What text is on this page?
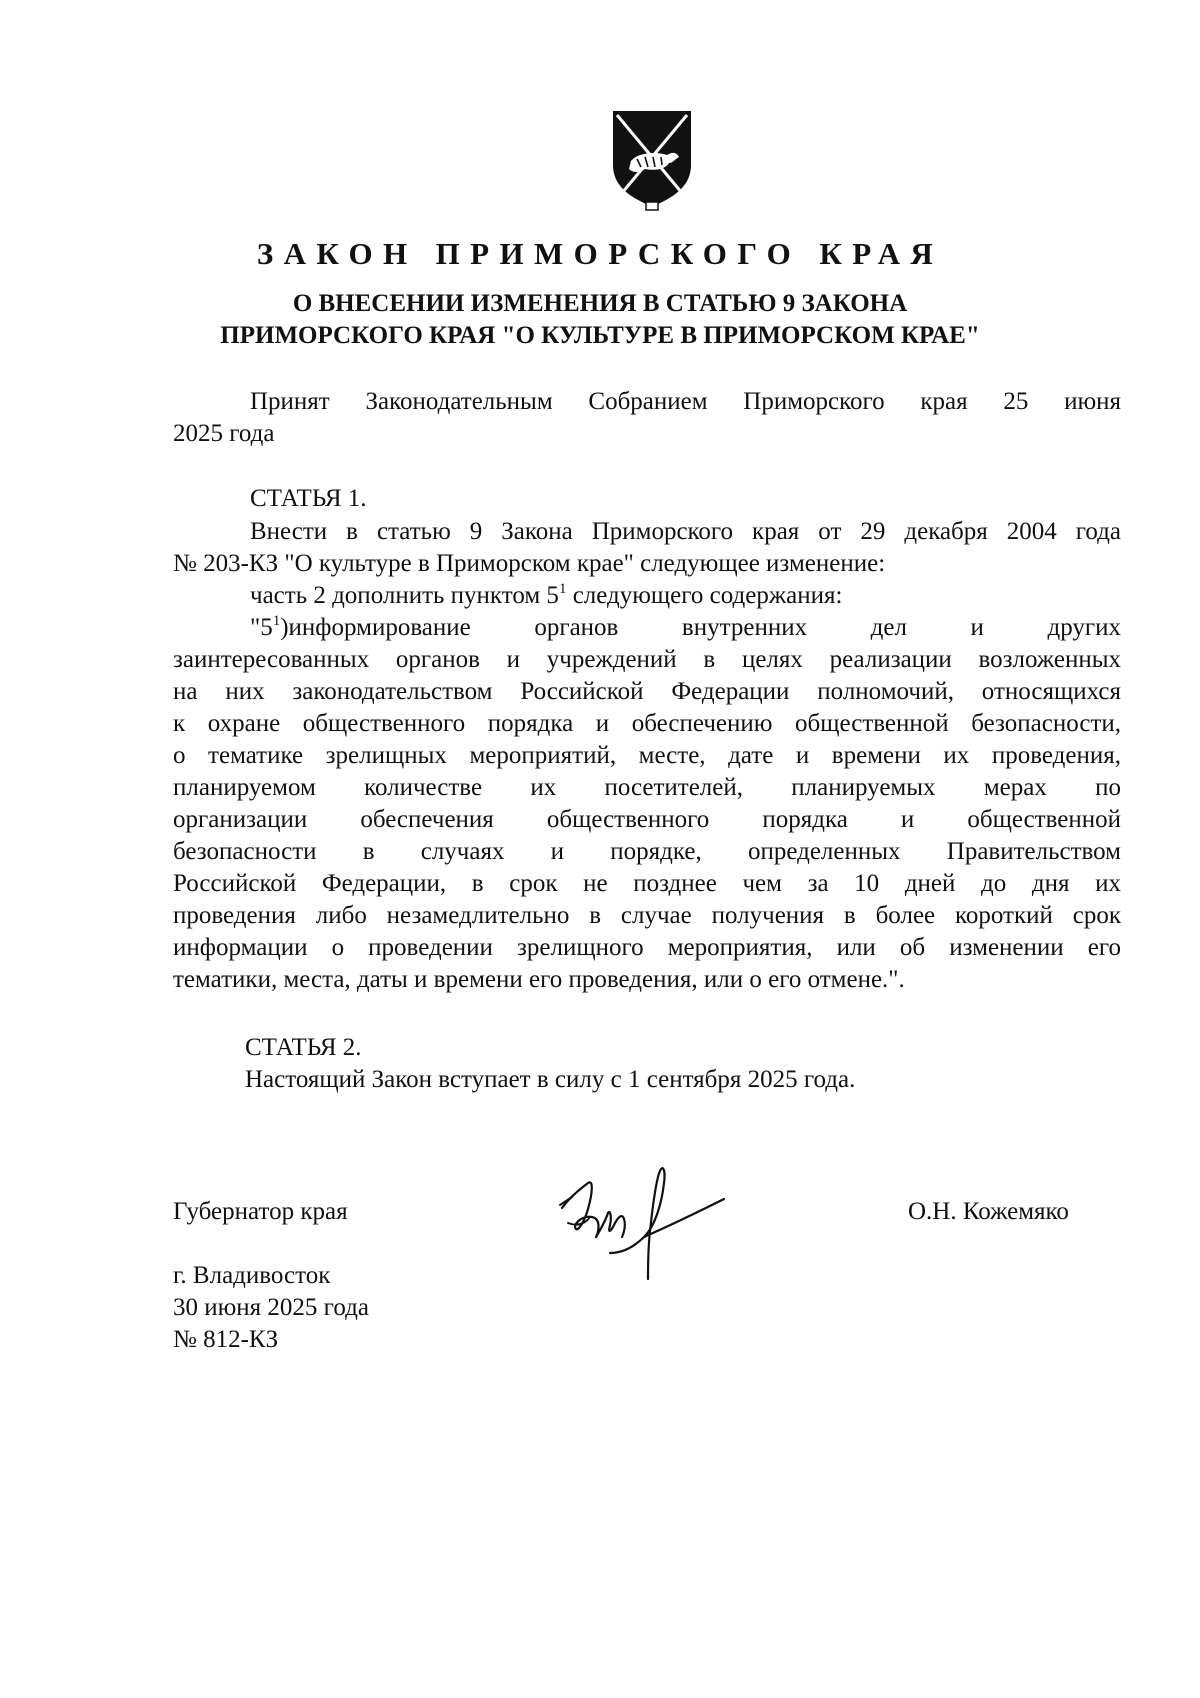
ЗАКОН ПРИМОРСКОГО КРАЯ
О ВНЕСЕНИИ ИЗМЕНЕНИЯ В СТАТЬЮ 9 ЗАКОНА
ПРИМОРСКОГО КРАЯ "О КУЛЬТУРЕ В ПРИМОРСКОМ КРАЕ"
Принят Законодательным Собранием Приморского края 25 июня
2025 года
СТАТЬЯ 1.
Внести в статью 9 Закона Приморского края от 29 декабря 2004 года
№ 203-КЗ "О культуре в Приморском крае" следующее изменение:
часть 2 дополнить пунктом $5^1$ следующего содержания:
"$5^1)информирование$ органов внутренних дел и других
заинтересованных органов и учреждений в целях реализации возложенных
на них законодательством Российской Федерации полномочий, относящихся
к охране общественного порядка и обеспечению общественной безопасности,
о тематике зрелищных мероприятий, месте, дате и времени их проведения,
планируемом количестве их посетителей, планируемых мерах по
организации обеспечения общественного порядка и общественной
безопасности в случаях и порядке, определенных Правительством
Российской Федерации, в срок не позднее чем за 10 дней до дня их
проведения либо незамедлительно в случае получения в более короткий срок
информации о проведении зрелищного мероприятия, или об изменении его
тематики, места, даты и времени его проведения, или о его отмене.".
СТАТЬЯ 2.
Настоящий Закон вступает в силу с 1 сентября 2025 года.
Губернатор края	О.Н. Кожемяко
г. Владивосток
30 июня 2025 года
№ 812-КЗ
